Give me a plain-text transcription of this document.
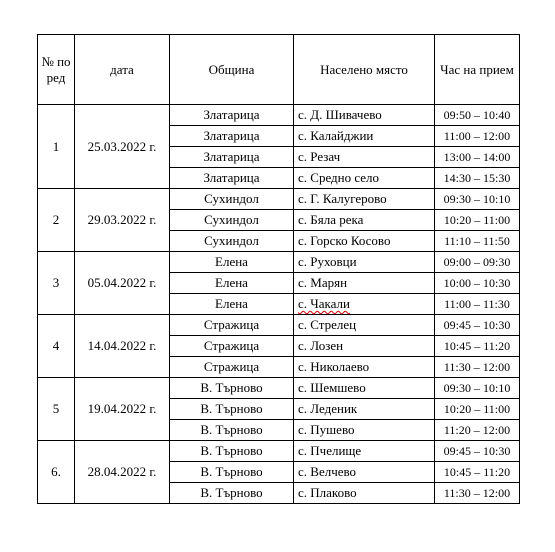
№ по ред	дата	Община	Населено място	Час на прием
1	25.03.2022 г.	Златарица	с. Д. Шивачево	09:50 – 10:40
		Златарица	с. Калайджии	11:00 – 12:00
		Златарица	с. Резач	13:00 – 14:00
		Златарица	с. Средно село	14:30 – 15:30
2	29.03.2022 г.	Сухиндол	с. Г. Калугерово	09:30 – 10:10
		Сухиндол	с. Бяла река	10:20 – 11:00
		Сухиндол	с. Горско Косово	11:10 – 11:50
3	05.04.2022 г.	Елена	с. Руховци	09:00 – 09:30
		Елена	с. Марян	10:00 – 10:30
		Елена	с. Чакали	11:00 – 11:30
4	14.04.2022 г.	Стражица	с. Стрелец	09:45 – 10:30
		Стражица	с. Лозен	10:45 – 11:20
		Стражица	с. Николаево	11:30 – 12:00
5	19.04.2022 г.	В. Търново	с. Шемшево	09:30 – 10:10
		В. Търново	с. Леденик	10:20 – 11:00
		В. Търново	с. Пушево	11:20 – 12:00
6.	28.04.2022 г.	В. Търново	с. Пчелище	09:45 – 10:30
		В. Търново	с. Велчево	10:45 – 11:20
		В. Търново	с. Плаково	11:30 – 12:00
